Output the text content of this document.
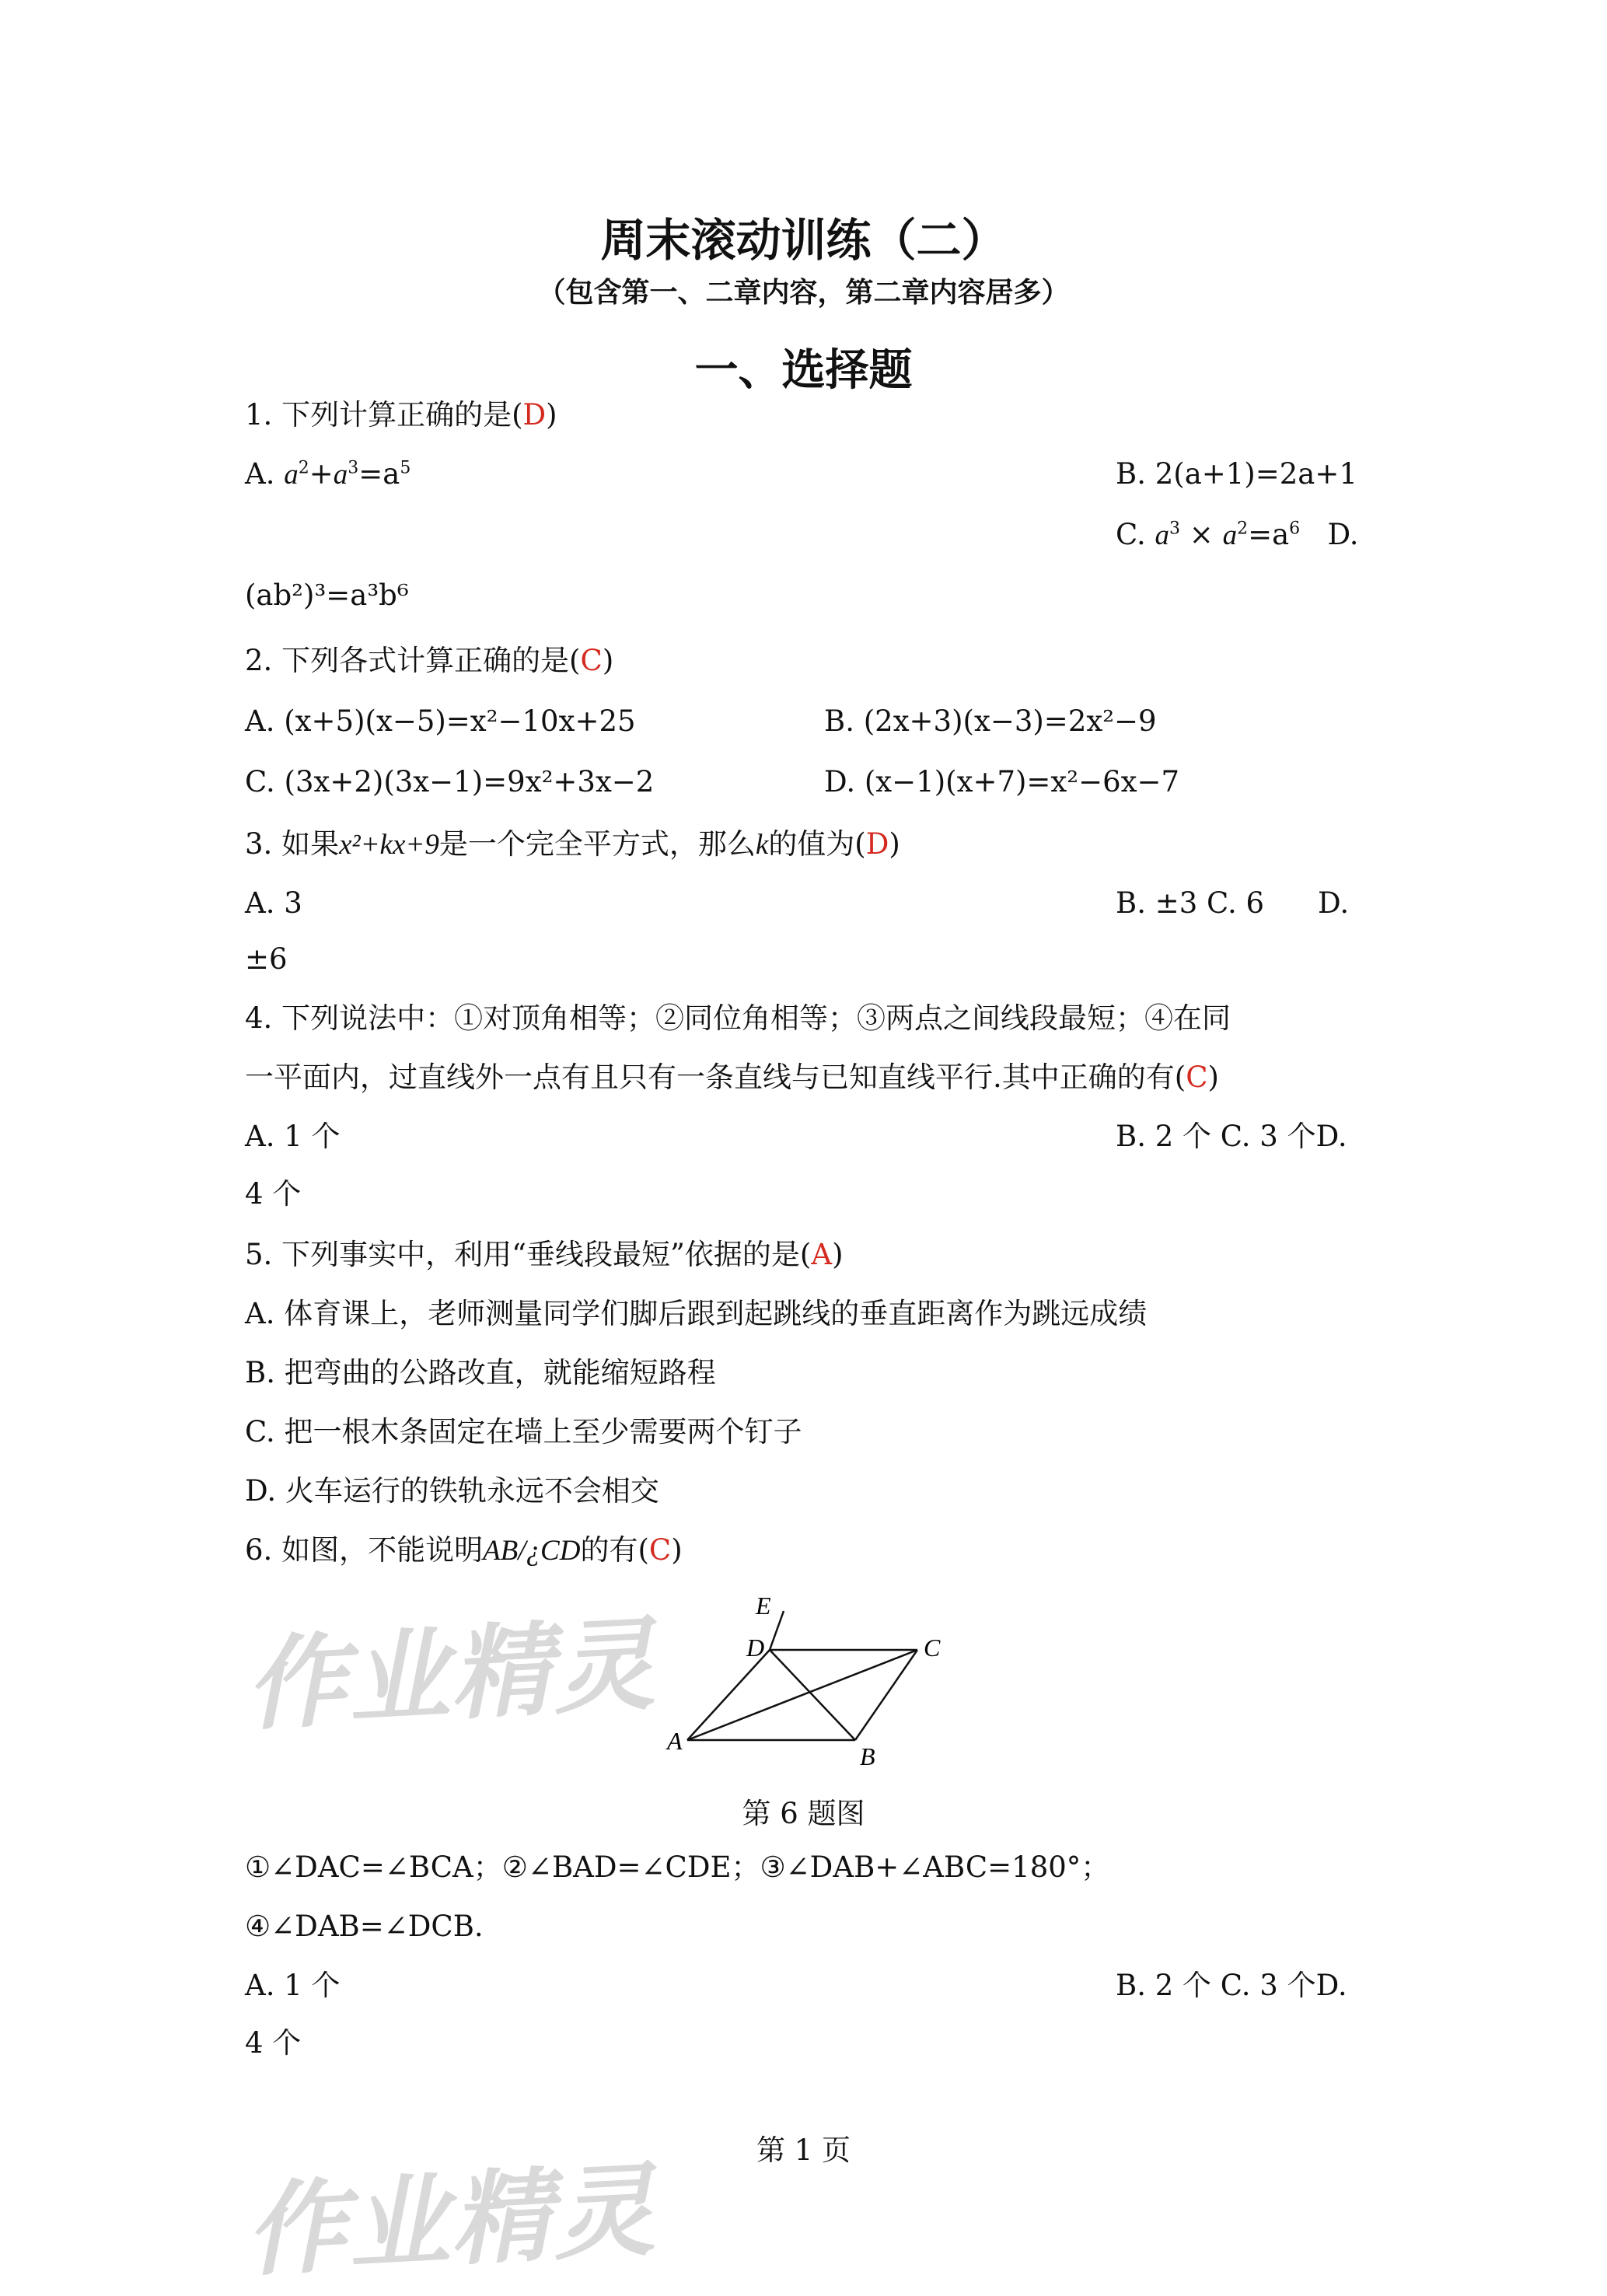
周末滚动训练（二）
（包含第一、二章内容，第二章内容居多）
一、选择题
1. 下列计算正确的是(D)
A. $a^2+a^3=a^5$	B. 2(a+1)=2a+1
C. $a^3 \times a^2=a^6$ D.
(ab²)³=a³b⁶
2. 下列各式计算正确的是(C)
A. (x+5)(x−5)=x²−10x+25	B. (2x+3)(x−3)=2x²−9
C. (3x+2)(3x−1)=9x²+3x−2	D. (x−1)(x+7)=x²−6x−7
3. 如果x²+kx+9是一个完全平方式，那么k的值为(D)
A. 3	B. ±3 C. 6 D.
±6
4. 下列说法中：①对顶角相等；②同位角相等；③两点之间线段最短；④在同
一平面内，过直线外一点有且只有一条直线与已知直线平行.其中正确的有(C)
A. 1 个	B. 2 个 C. 3 个D.
4 个
5. 下列事实中，利用“垂线段最短”依据的是(A)
A. 体育课上，老师测量同学们脚后跟到起跳线的垂直距离作为跳远成绩
B. 把弯曲的公路改直，就能缩短路程
C. 把一根木条固定在墙上至少需要两个钉子
D. 火车运行的铁轨永远不会相交
6. 如图，不能说明AB/¿CD的有(C)
E
D	C
A
B
第 6 题图
①∠DAC=∠BCA；②∠BAD=∠CDE；③∠DAB+∠ABC=180°；
④∠DAB=∠DCB.
A. 1 个	B. 2 个 C. 3 个D.
4 个
作业精灵
作业精灵
第 1 页
